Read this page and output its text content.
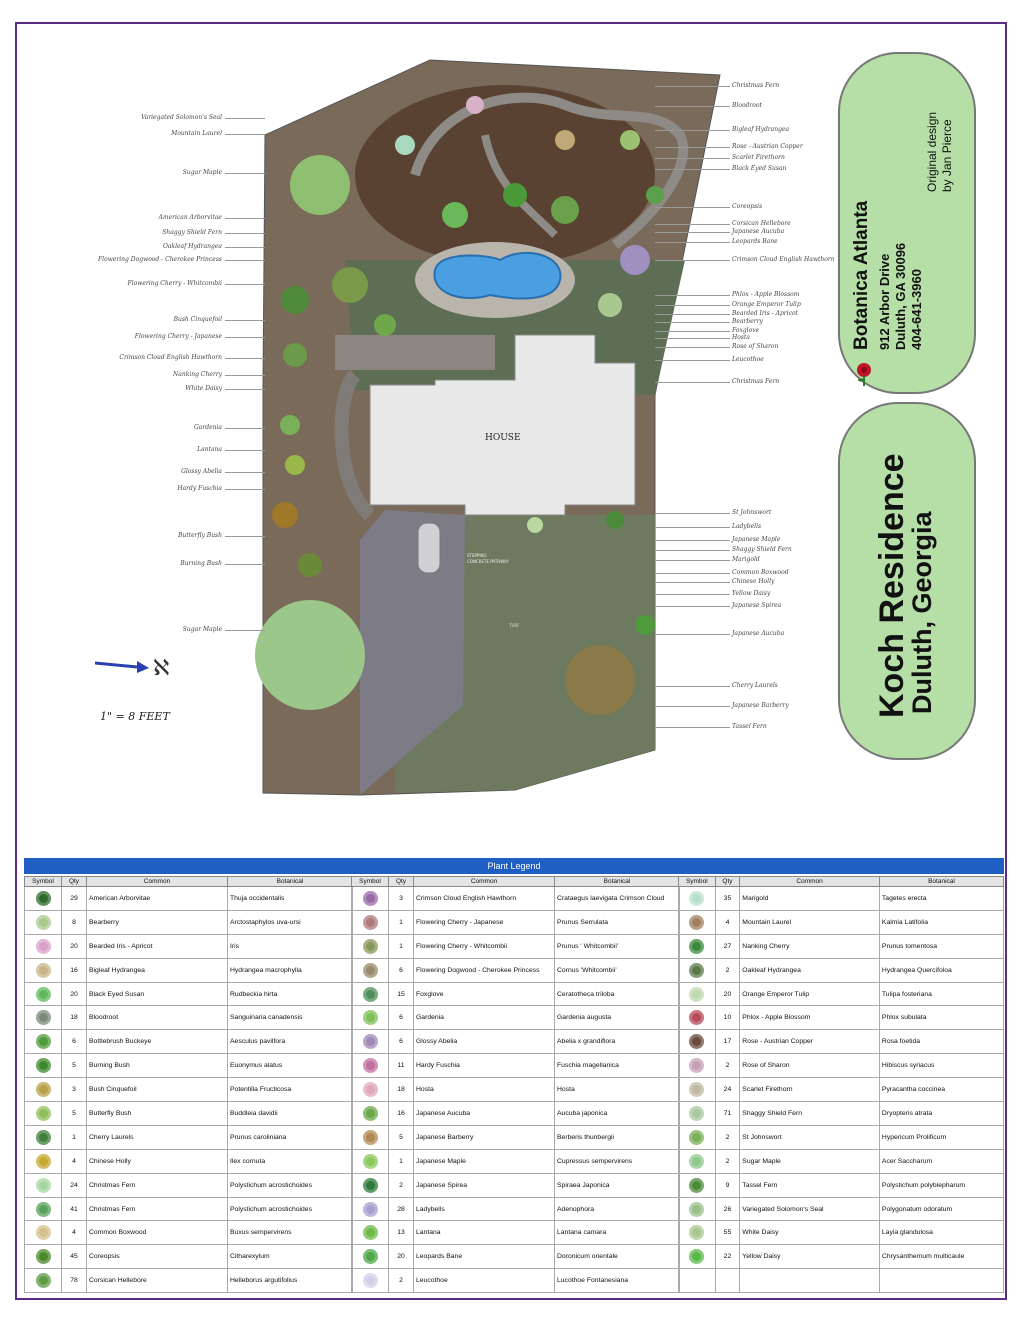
HOUSE
TURF
STEPPING
CONCRETE PATHWAY
ℵ
Variegated Solomon's Seal
Mountain Laurel
Sugar Maple
American Arborvitae
Shaggy Shield Fern
Oakleaf Hydrangea
Flowering Dogwood - Cherokee Princess
Flowering Cherry - Whitcombii
Bush Cinquefoil
Flowering Cherry - Japanese
Crimson Cloud English Hawthorn
Nanking Cherry
White Daisy
Gardenia
Lantana
Glossy Abelia
Hardy Fuschia
Butterfly Bush
Burning Bush
Sugar Maple
Christmas Fern
Bloodroot
Bigleaf Hydrangea
Rose - Austrian Copper
Scarlet Firethorn
Black Eyed Susan
Coreopsis
Corsican Hellebore
Japanese Aucuba
Leopards Bane
Crimson Cloud English Hawthorn
Phlox - Apple Blossom
Orange Emperor Tulip
Bearded Iris - Apricot
Bearberry
Foxglove
Hosta
Rose of Sharon
Leucothoe
Christmas Fern
St Johnswort
Ladybells
Japanese Maple
Shaggy Shield Fern
Marigold
Common Boxwood
Chinese Holly
Yellow Daisy
Japanese Spirea
Japanese Aucuba
Cherry Laurels
Japanese Barberry
Tassel Fern
1" = 8 FEET
Botanica Atlanta 912 Arbor Drive Duluth, GA 30096 404-641-3960
Original design by Jan Pierce
Koch Residence
Duluth, Georgia
Plant Legend
Symbol	Qty	Common	Botanical
	29	American Arborvitae	Thuja occidentalis
	8	Bearberry	Arctostaphylos uva-ursi
	20	Bearded Iris - Apricot	Iris
	16	Bigleaf Hydrangea	Hydrangea macrophylla
	20	Black Eyed Susan	Rudbeckia hirta
	18	Bloodroot	Sanguinaria canadensis
	6	Bottlebrush Buckeye	Aesculus pavilfora
	5	Burning Bush	Euonymus alatus
	3	Bush Cinquefoil	Potentilla Fructicosa
	5	Butterfly Bush	Buddleia davidii
	1	Cherry Laurels	Prunus caroliniana
	4	Chinese Holly	Ilex cornuta
	24	Christmas Fern	Polystichum acrostichoides
	41	Christmas Fern	Polystichum acrostichoides
	4	Common Boxwood	Buxus sempervirens
	45	Coreopsis	Citharexylum
	78	Corsican Hellebore	Helleborus argutifolius
Symbol	Qty	Common	Botanical
	3	Crimson Cloud English Hawthorn	Crataegus laevigata Crimson Cloud
	1	Flowering Cherry - Japanese	Prunus Serrulata
	1	Flowering Cherry - Whitcombii	Prunus ' Whitcombii'
	6	Flowering Dogwood - Cherokee Princess	Cornus 'Whitcombii'
	15	Foxglove	Ceratotheca triloba
	6	Gardenia	Gardenia augusta
	6	Glossy Abelia	Abelia x grandiflora
	11	Hardy Fuschia	Fuschia magellanica
	18	Hosta	Hosta
	16	Japanese Aucuba	Aucuba japonica
	5	Japanese Barberry	Berberis thunbergii
	1	Japanese Maple	Cupressus sempervirens
	2	Japanese Spirea	Spiraea Japonica
	28	Ladybells	Adenophora
	13	Lantana	Lantana camara
	20	Leopards Bane	Doronicum orientale
	2	Leucothoe	Lucothoe Fontanesiana
Symbol	Qty	Common	Botanical
	35	Marigold	Tagetes erecta
	4	Mountain Laurel	Kalmia Latifolia
	27	Nanking Cherry	Prunus tomentosa
	2	Oakleaf Hydrangea	Hydrangea Quercifoloa
	20	Orange Emperor Tulip	Tulipa fosteriana
	10	Phlox - Apple Blossom	Phlox subulata
	17	Rose - Austrian Copper	Rosa foetida
	2	Rose of Sharon	Hibiscus syriacus
	24	Scarlet Firethorn	Pyracantha coccinea
	71	Shaggy Shield Fern	Dryopteris atrata
	2	St Johnswort	Hypericum Prolificum
	2	Sugar Maple	Acer Saccharum
	9	Tassel Fern	Polystichum polyblepharum
	26	Variegated Solomon's Seal	Polygonatum odoratum
	55	White Daisy	Layia glandulosa
	22	Yellow Daisy	Chrysanthemum multicaule
